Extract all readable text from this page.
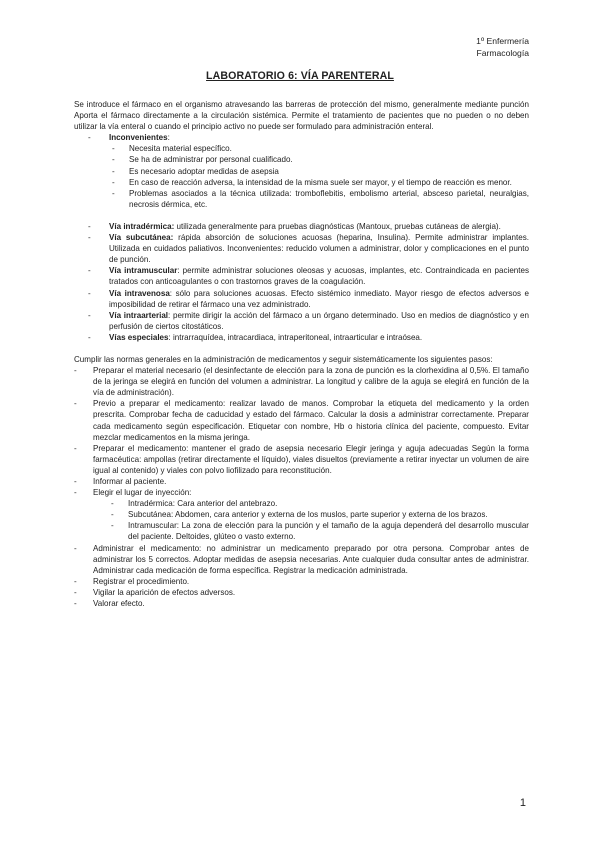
1º Enfermería
Farmacología
LABORATORIO 6: VÍA PARENTERAL

Se introduce el fármaco en el organismo atravesando las barreras de protección del mismo, generalmente mediante punción Aporta el fármaco directamente a la circulación sistémica. Permite el tratamiento de pacientes que no pueden o no deben utilizar la vía enteral o cuando el principio activo no puede ser formulado para administración enteral.

- Inconvenientes:
- Necesita material específico.
- Se ha de administrar por personal cualificado.
- Es necesario adoptar medidas de asepsia
- En caso de reacción adversa, la intensidad de la misma suele ser mayor, y el tiempo de reacción es menor.
- Problemas asociados a la técnica utilizada: tromboflebitis, embolismo arterial, absceso parietal, neuralgias, necrosis dérmica, etc.
- Vía intradérmica: utilizada generalmente para pruebas diagnósticas (Mantoux, pruebas cutáneas de alergia).
- Vía subcutánea: rápida absorción de soluciones acuosas (heparina, Insulina). Permite administrar implantes. Utilizada en cuidados paliativos. Inconvenientes: reducido volumen a administrar, dolor y complicaciones en el punto de punción.
- Vía intramuscular: permite administrar soluciones oleosas y acuosas, implantes, etc. Contraindicada en pacientes tratados con anticoagulantes o con trastornos graves de la coagulación.
- Vía intravenosa: sólo para soluciones acuosas. Efecto sistémico inmediato. Mayor riesgo de efectos adversos e imposibilidad de retirar el fármaco una vez administrado.
- Vía intraarterial: permite dirigir la acción del fármaco a un órgano determinado. Uso en medios de diagnóstico y en perfusión de ciertos citostáticos.
- Vías especiales: intrarraquídea, intracardiaca, intraperitoneal, intraarticular e intraósea.

Cumplir las normas generales en la administración de medicamentos y seguir sistemáticamente los siguientes pasos:

- Preparar el material necesario (el desinfectante de elección para la zona de punción es la clorhexidina al 0,5%. El tamaño de la jeringa se elegirá en función del volumen a administrar. La longitud y calibre de la aguja se elegirá en función de la vía de administración).
- Previo a preparar el medicamento: realizar lavado de manos. Comprobar la etiqueta del medicamento y la orden prescrita. Comprobar fecha de caducidad y estado del fármaco. Calcular la dosis a administrar correctamente. Preparar cada medicamento según especificación. Etiquetar con nombre, Hb o historia clínica del paciente, compuesto. Evitar mezclar medicamentos en la misma jeringa.
- Preparar el medicamento: mantener el grado de asepsia necesario Elegir jeringa y aguja adecuadas Según la forma farmacéutica: ampollas (retirar directamente el líquido), viales disueltos (previamente a retirar inyectar un volumen de aire igual al contenido) y viales con polvo liofilizado para reconstitución.
- Informar al paciente.
- Elegir el lugar de inyección:
- Intradérmica: Cara anterior del antebrazo.
- Subcutánea: Abdomen, cara anterior y externa de los muslos, parte superior y externa de los brazos.
- Intramuscular: La zona de elección para la punción y el tamaño de la aguja dependerá del desarrollo muscular del paciente. Deltoides, glúteo o vasto externo.
- Administrar el medicamento: no administrar un medicamento preparado por otra persona. Comprobar antes de administrar los 5 correctos. Adoptar medidas de asepsia necesarias. Ante cualquier duda consultar antes de administrar. Administrar cada medicación de forma específica. Registrar la medicación administrada.
- Registrar el procedimiento.
- Vigilar la aparición de efectos adversos.
- Valorar efecto.
1
